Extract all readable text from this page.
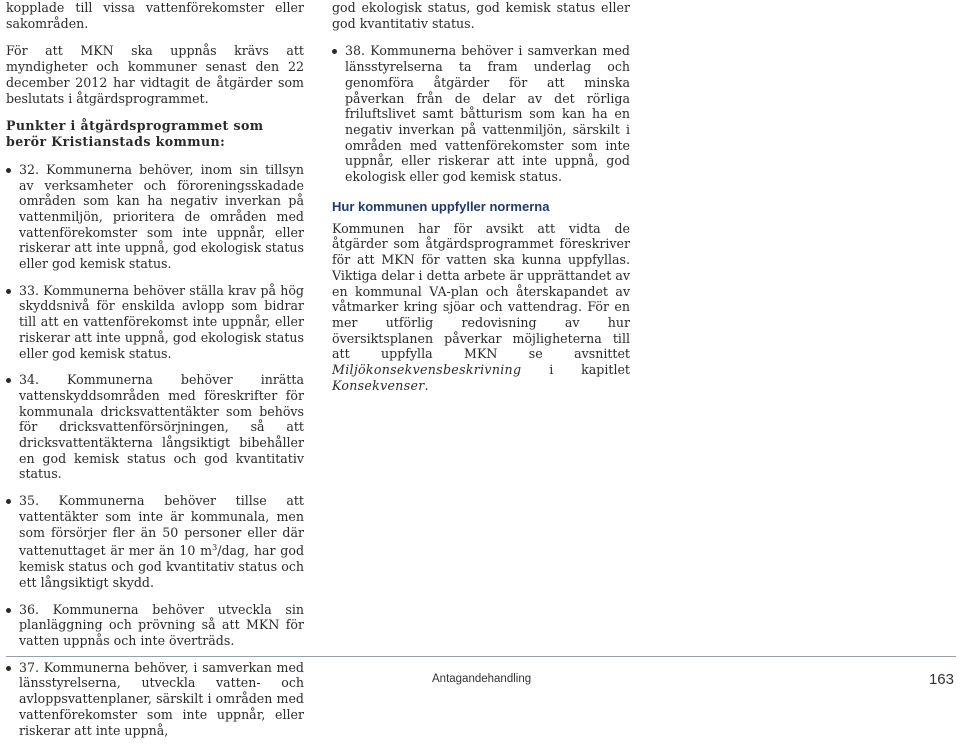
kopplade till vissa vattenförekomster eller sakområden.

För att MKN ska uppnås krävs att myndigheter och kommuner senast den 22 december 2012 har vidtagit de åtgärder som beslutats i åtgärdsprogrammet.

Punkter i åtgärdsprogrammet som berör Kristianstads kommun:

32. Kommunerna behöver, inom sin tillsyn av verksamheter och föroreningsskadade områden som kan ha negativ inverkan på vattenmiljön, prioritera de områden med vattenförekomster som inte uppnår, eller riskerar att inte uppnå, god ekologisk status eller god kemisk status.

33. Kommunerna behöver ställa krav på hög skyddsnivå för enskilda avlopp som bidrar till att en vattenförekomst inte uppnår, eller riskerar att inte uppnå, god ekologisk status eller god kemisk status.

34. Kommunerna behöver inrätta vattenskyddsområden med föreskrifter för kommunala dricksvattentäkter som behövs för dricksvattenförsörjningen, så att dricksvattentäkterna långsiktigt bibehåller en god kemisk status och god kvantitativ status.

35. Kommunerna behöver tillse att vattentäkter som inte är kommunala, men som försörjer fler än 50 personer eller där vattenuttaget är mer än 10 $m^3$/dag, har god kemisk status och god kvantitativ status och ett långsiktigt skydd.

36. Kommunerna behöver utveckla sin planläggning och prövning så att MKN för vatten uppnås och inte överträds.

37. Kommunerna behöver, i samverkan med länsstyrelserna, utveckla vatten- och avloppsvattenplaner, särskilt i områden med vattenförekomster som inte uppnår, eller riskerar att inte uppnå,

god ekologisk status, god kemisk status eller god kvantitativ status.

38. Kommunerna behöver i samverkan med länsstyrelserna ta fram underlag och genomföra åtgärder för att minska påverkan från de delar av det rörliga friluftslivet samt båtturism som kan ha en negativ inverkan på vattenmiljön, särskilt i områden med vattenförekomster som inte uppnår, eller riskerar att inte uppnå, god ekologisk eller god kemisk status.

Hur kommunen uppfyller normerna

Kommunen har för avsikt att vidta de åtgärder som åtgärdsprogrammet föreskriver för att MKN för vatten ska kunna uppfyllas. Viktiga delar i detta arbete är upprättandet av en kommunal VA-plan och återskapandet av våtmarker kring sjöar och vattendrag. För en mer utförlig redovisning av hur översiktsplanen påverkar möjligheterna till att uppfylla MKN se avsnittet Miljökonsekvensbeskrivning i kapitlet Konsekvenser.

Antagandehandling	163
